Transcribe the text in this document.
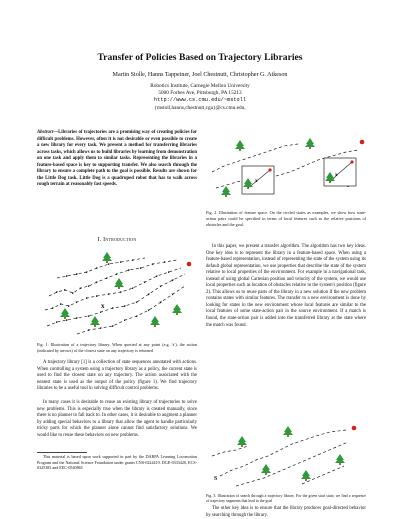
Transfer of Policies Based on Trajectory Libraries
Martin Stolle, Hanns Tappeiner, Joel Chestnutt, Christopher G. Atkeson
Robotics Institute, Carnegie Mellon University
5000 Forbes Ave, Pittsburgh, PA 15213
http://www.cs.cmu.edu/~mstoll
{mstoll,hanns,chestnutt,cga}@cs.cmu.edu,
Abstract—Libraries of trajectories are a promising way of creating policies for difficult problems. However, often it is not desirable or even possible to create a new library for every task. We present a method for transferring libraries across tasks, which allows us to build libraries by learning from demonstration on one task and apply them to similar tasks. Representing the libraries in a feature-based space is key to supporting transfer. We also search through the library to ensure a complete path to the goal is possible. Results are shown for the Little Dog task. Little Dog is a quadruped robot that has to walk across rough terrain at reasonably fast speeds.
I. Introduction
x
Fig. 1. Illustration of a trajectory library. When queried at any point (e.g. 'x'), the action (indicated by arrows) of the closest state on any trajectory is returned
A trajectory library [1] is a collection of state sequences annotated with actions. When controlling a system using a trajectory library as a policy, the current state is used to find the closest state on any trajectory. The action associated with the nearest state is used as the output of the policy (figure 1). We find trajectory libraries to be a useful tool in solving difficult control problems.
In many cases it is desirable to reuse an existing library of trajectories to solve new problems. This is especially true when the library is created manually, since there is no planner to fall back to. In other cases, it is desirable to augment a planner by adding special behaviors to a library that allow the agent to handle particularly tricky parts for which the planner alone cannot find satisfactory solutions. We would like to reuse these behaviors on new problems.
This material is based upon work supported in part by the DARPA Learning Locomotion Program and the National Science Foundation under grants CNS-0224419, DGE-0333420, ECS-0325383 and EEC-0540865
x
x
Fig. 2. Illustration of feature space. On the circled states as examples, we show how state-action pairs could be specified in terms of local features such as the relative positions of obstacles and the goal.
In this paper, we present a transfer algorithm. The algorithm has two key ideas. One key idea is to represent the library in a feature-based space. When using a feature-based representation, instead of representing the state of the system using its default global representation, we use properties that describe the state of the system relative to local properties of the environment. For example in a navigational task, instead of using global Cartesian position and velocity of the system, we would use local properties such as location of obstacles relative to the system's position (figure 2). This allows us to reuse parts of the library in a new solution if the new problem contains states with similar features. The transfer to a new environment is done by looking for states in the new environment whose local features are similar to the local features of some state-action pair in the source environment. If a match is found, the state-action pair is added into the transferred library at the state where the match was found.
S
Fig. 3. Illustration of search through a trajectory library. For the given start state, we find a sequence of trajectory segments that lead to the goal
The other key idea is to ensure that the library produces goal-directed behavior by searching through the library.
